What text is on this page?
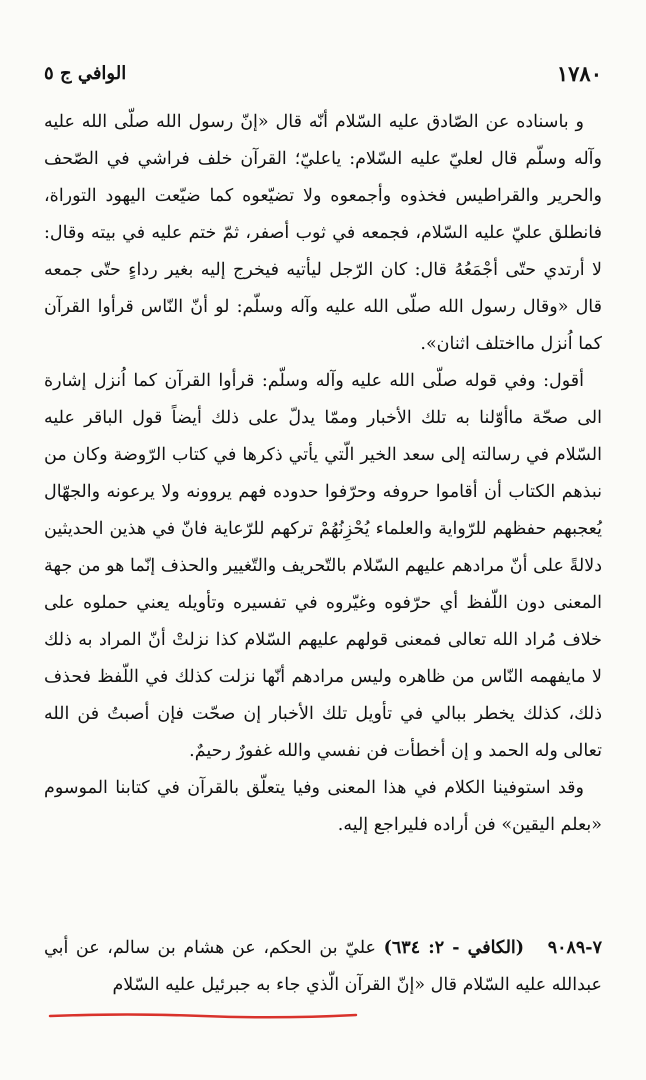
١٧٨٠
الوافي ج ٥

و باسناده عن الصّادق عليه السّلام أنّه قال «إنّ رسول الله صلّى الله عليه وآله وسلّم قال لعليّ عليه السّلام: ياعليّ؛ القرآن خلف فراشي في الصّحف والحرير والقراطيس فخذوه وأجمعوه ولا تضيّعوه كما ضيّعت اليهود التوراة، فانطلق عليّ عليه السّلام، فجمعه في ثوب أصفر، ثمّ ختم عليه في بيته وقال: لا أرتدي حتّى أجْمَعُهُ قال: كان الرّجل ليأتيه فيخرج إليه بغير رداءٍ حتّى جمعه قال «وقال رسول الله صلّى الله عليه وآله وسلّم: لو أنّ النّاس قرأوا القرآن كما اُنزل مااختلف اثنان».

أقول: وفي قوله صلّى الله عليه وآله وسلّم: قرأوا القرآن كما اُنزل إشارة الى صحّة ماأوّلنا به تلك الأخبار وممّا يدلّ على ذلك أيضاً قول الباقر عليه السّلام في رسالته إلى سعد الخير الّتي يأتي ذكرها في كتاب الرّوضة وكان من نبذهم الكتاب أن أقاموا حروفه وحرّفوا حدوده فهم يروونه ولا يرعونه والجهّال يُعجبهم حفظهم للرّواية والعلماء يُحْزِنُهُمْ تركهم للرّعاية فانّ في هذين الحديثين دلالةً على أنّ مرادهم عليهم السّلام بالتّحريف والتّغيير والحذف إنّما هو من جهة المعنى دون اللّفظ أي حرّفوه وغيّروه في تفسيره وتأويله يعني حملوه على خلاف مُراد الله تعالى فمعنى قولهم عليهم السّلام كذا نزلتْ أنّ المراد به ذلك لا مايفهمه النّاس من ظاهره وليس مرادهم أنّها نزلت كذلك في اللّفظ فحذف ذلك، كذلك يخطر ببالي في تأويل تلك الأخبار إن صحّت فإن أصبتُ فن الله تعالى وله الحمد و إن أخطأت فن نفسي والله غفورٌ رحيمٌ.

وقد استوفينا الكلام في هذا المعنى وفيا يتعلّق بالقرآن في كتابنا الموسوم «بعلم اليقين» فن أراده فليراجع إليه.

٧-٩٠٨٩ (الكافي - ٢: ٦٣٤) عليّ بن الحكم، عن هشام بن سالم، عن أبي عبدالله عليه السّلام قال «إنّ القرآن الّذي جاء به جبرئيل عليه السّلام
